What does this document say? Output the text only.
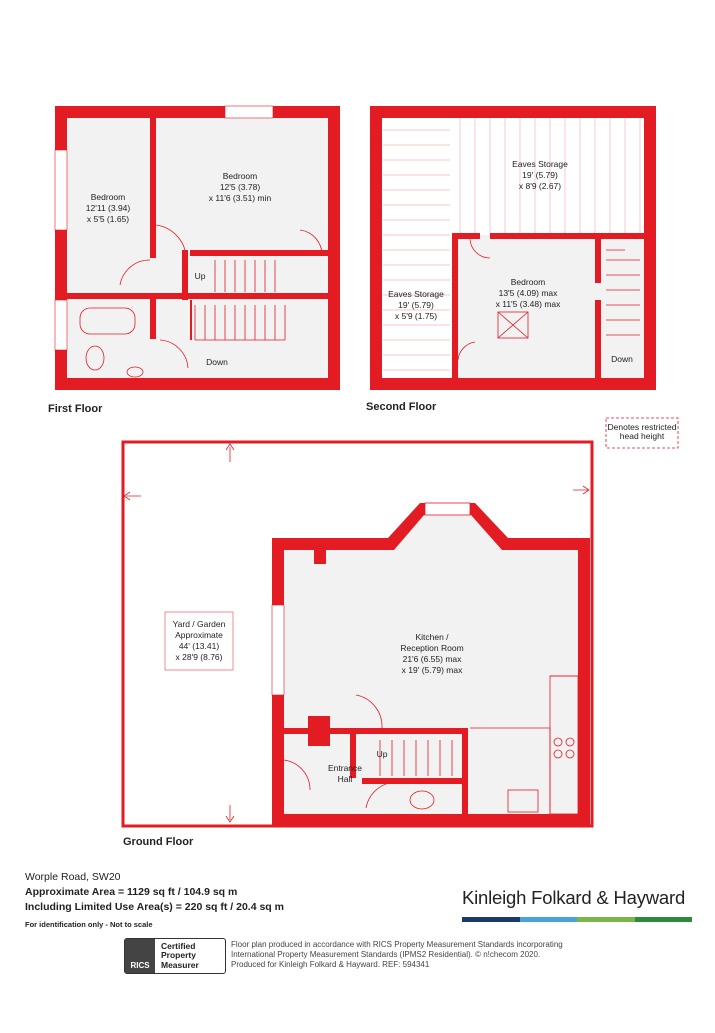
First Floor	Second Floor
Ground Floor
Bedroom
12'11 (3.94)
x 5'5 (1.65)
Bedroom
12'5 (3.78)
x 11'6 (3.51) min
Up
Down
Eaves Storage
19' (5.79)
x 8'9 (2.67)
Eaves Storage
19' (5.79)
x 5'9 (1.75)
Bedroom
13'5 (4.09) max
x 11'5 (3.48) max
Down
Denotes restricted
head height
Yard / Garden
Approximate
44' (13.41)
x 28'9 (8.76)
Kitchen /
Reception Room
21'6 (6.55) max
x 19' (5.79) max
Entrance
Hall
Up
Worple Road, SW20
Approximate Area = 1129 sq ft / 104.9 sq m
Including Limited Use Area(s) = 220 sq ft / 20.4 sq m
For identification only - Not to scale
Kinleigh Folkard & Hayward
RICS
Certified
Property
Measurer
Floor plan produced in accordance with RICS Property Measurement Standards incorporating
International Property Measurement Standards (IPMS2 Residential). © n!checom 2020.
Produced for Kinleigh Folkard & Hayward. REF: 594341
